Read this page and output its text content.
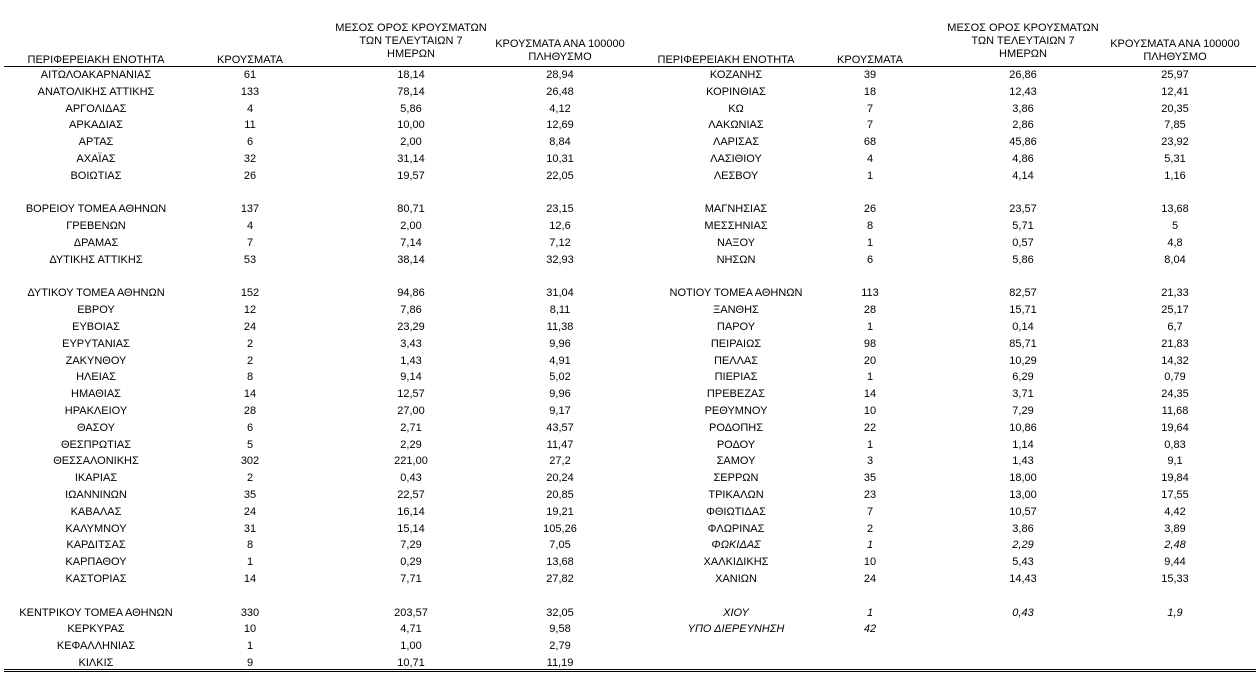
ΠΕΡΙΦΕΡΕΙΑΚΗ ΕΝΟΤΗΤΑ	ΚΡΟΥΣΜΑΤΑ
ΜΕΣΟΣ ΟΡΟΣ ΚΡΟΥΣΜΑΤΩΝ
ΤΩΝ ΤΕΛΕΥΤΑΙΩΝ 7
ΗΜΕΡΩΝ
ΚΡΟΥΣΜΑΤΑ ΑΝΑ 100000
ΠΛΗΘΥΣΜΟ
ΑΙΤΩΛΟΑΚΑΡΝΑΝΙΑΣ	61	18,14	28,94
ΑΝΑΤΟΛΙΚΗΣ ΑΤΤΙΚΗΣ	133	78,14	26,48
ΑΡΓΟΛΙΔΑΣ	4	5,86	4,12
ΑΡΚΑΔΙΑΣ	11	10,00	12,69
ΑΡΤΑΣ	6	2,00	8,84
ΑΧΑΪΑΣ	32	31,14	10,31
ΒΟΙΩΤΙΑΣ	26	19,57	22,05
ΒΟΡΕΙΟΥ ΤΟΜΕΑ ΑΘΗΝΩΝ	137	80,71	23,15
ΓΡΕΒΕΝΩΝ	4	2,00	12,6
ΔΡΑΜΑΣ	7	7,14	7,12
ΔΥΤΙΚΗΣ ΑΤΤΙΚΗΣ	53	38,14	32,93
ΔΥΤΙΚΟΥ ΤΟΜΕΑ ΑΘΗΝΩΝ	152	94,86	31,04
ΕΒΡΟΥ	12	7,86	8,11
ΕΥΒΟΙΑΣ	24	23,29	11,38
ΕΥΡΥΤΑΝΙΑΣ	2	3,43	9,96
ΖΑΚΥΝΘΟΥ	2	1,43	4,91
ΗΛΕΙΑΣ	8	9,14	5,02
ΗΜΑΘΙΑΣ	14	12,57	9,96
ΗΡΑΚΛΕΙΟΥ	28	27,00	9,17
ΘΑΣΟΥ	6	2,71	43,57
ΘΕΣΠΡΩΤΙΑΣ	5	2,29	11,47
ΘΕΣΣΑΛΟΝΙΚΗΣ	302	221,00	27,2
ΙΚΑΡΙΑΣ	2	0,43	20,24
ΙΩΑΝΝΙΝΩΝ	35	22,57	20,85
ΚΑΒΑΛΑΣ	24	16,14	19,21
ΚΑΛΥΜΝΟΥ	31	15,14	105,26
ΚΑΡΔΙΤΣΑΣ	8	7,29	7,05
ΚΑΡΠΑΘΟΥ	1	0,29	13,68
ΚΑΣΤΟΡΙΑΣ	14	7,71	27,82
ΚΕΝΤΡΙΚΟΥ ΤΟΜΕΑ ΑΘΗΝΩΝ	330	203,57	32,05
ΚΕΡΚΥΡΑΣ	10	4,71	9,58
ΚΕΦΑΛΛΗΝΙΑΣ	1	1,00	2,79
ΚΙΛΚΙΣ	9	10,71	11,19
ΠΕΡΙΦΕΡΕΙΑΚΗ ΕΝΟΤΗΤΑ	ΚΡΟΥΣΜΑΤΑ
ΜΕΣΟΣ ΟΡΟΣ ΚΡΟΥΣΜΑΤΩΝ
ΤΩΝ ΤΕΛΕΥΤΑΙΩΝ 7
ΗΜΕΡΩΝ
ΚΡΟΥΣΜΑΤΑ ΑΝΑ 100000
ΠΛΗΘΥΣΜΟ
ΚΟΖΑΝΗΣ	39	26,86	25,97
ΚΟΡΙΝΘΙΑΣ	18	12,43	12,41
ΚΩ	7	3,86	20,35
ΛΑΚΩΝΙΑΣ	7	2,86	7,85
ΛΑΡΙΣΑΣ	68	45,86	23,92
ΛΑΣΙΘΙΟΥ	4	4,86	5,31
ΛΕΣΒΟΥ	1	4,14	1,16
ΜΑΓΝΗΣΙΑΣ	26	23,57	13,68
ΜΕΣΣΗΝΙΑΣ	8	5,71	5
ΝΑΞΟΥ	1	0,57	4,8
ΝΗΣΩΝ	6	5,86	8,04
ΝΟΤΙΟΥ ΤΟΜΕΑ ΑΘΗΝΩΝ	113	82,57	21,33
ΞΑΝΘΗΣ	28	15,71	25,17
ΠΑΡΟΥ	1	0,14	6,7
ΠΕΙΡΑΙΩΣ	98	85,71	21,83
ΠΕΛΛΑΣ	20	10,29	14,32
ΠΙΕΡΙΑΣ	1	6,29	0,79
ΠΡΕΒΕΖΑΣ	14	3,71	24,35
ΡΕΘΥΜΝΟΥ	10	7,29	11,68
ΡΟΔΟΠΗΣ	22	10,86	19,64
ΡΟΔΟΥ	1	1,14	0,83
ΣΑΜΟΥ	3	1,43	9,1
ΣΕΡΡΩΝ	35	18,00	19,84
ΤΡΙΚΑΛΩΝ	23	13,00	17,55
ΦΘΙΩΤΙΔΑΣ	7	10,57	4,42
ΦΛΩΡΙΝΑΣ	2	3,86	3,89
ΦΩΚΙΔΑΣ	1	2,29	2,48
ΧΑΛΚΙΔΙΚΗΣ	10	5,43	9,44
ΧΑΝΙΩΝ	24	14,43	15,33
ΧΙΟΥ	1	0,43	1,9
ΥΠΟ ΔΙΕΡΕΥΝΗΣΗ	42
